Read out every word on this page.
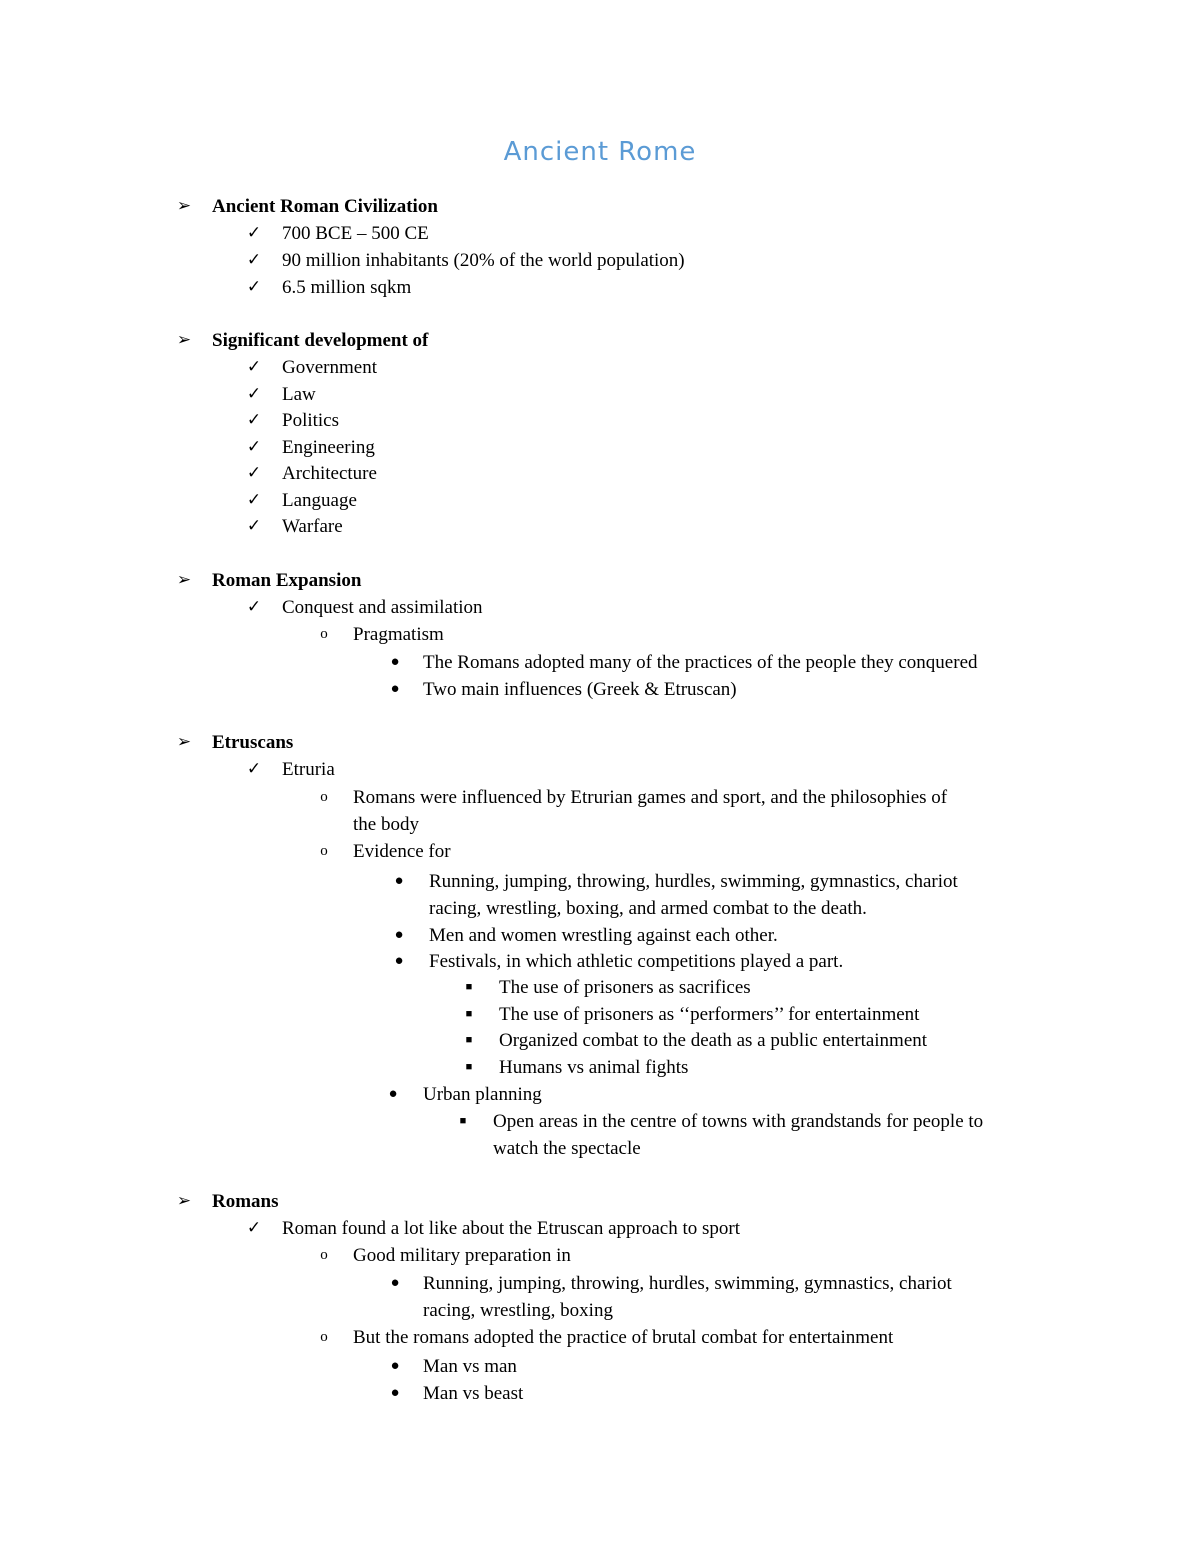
Ancient Rome
➢ Ancient Roman Civilization
✓ 700 BCE – 500 CE
✓ 90 million inhabitants (20% of the world population)
✓ 6.5 million sqkm
➢ Significant development of
✓ Government
✓ Law
✓ Politics
✓ Engineering
✓ Architecture
✓ Language
✓ Warfare
➢ Roman Expansion
✓ Conquest and assimilation
o	Pragmatism
● The Romans adopted many of the practices of the people they conquered
● Two main influences (Greek & Etruscan)
➢ Etruscans
✓ Etruria
o	Romans were influenced by Etrurian games and sport, and the philosophies of
the body
o	Evidence for
● Running, jumping, throwing, hurdles, swimming, gymnastics, chariot
racing, wrestling, boxing, and armed combat to the death.
● Men and women wrestling against each other.
● Festivals, in which athletic competitions played a part.
■	The use of prisoners as sacrifices
■	The use of prisoners as ‘‘performers’’ for entertainment
■	Organized combat to the death as a public entertainment
■	Humans vs animal fights
● Urban planning
■	Open areas in the centre of towns with grandstands for people to
watch the spectacle
➢ Romans
✓ Roman found a lot like about the Etruscan approach to sport
o	Good military preparation in
● Running, jumping, throwing, hurdles, swimming, gymnastics, chariot
racing, wrestling, boxing
o	But the romans adopted the practice of brutal combat for entertainment
● Man vs man
● Man vs beast
